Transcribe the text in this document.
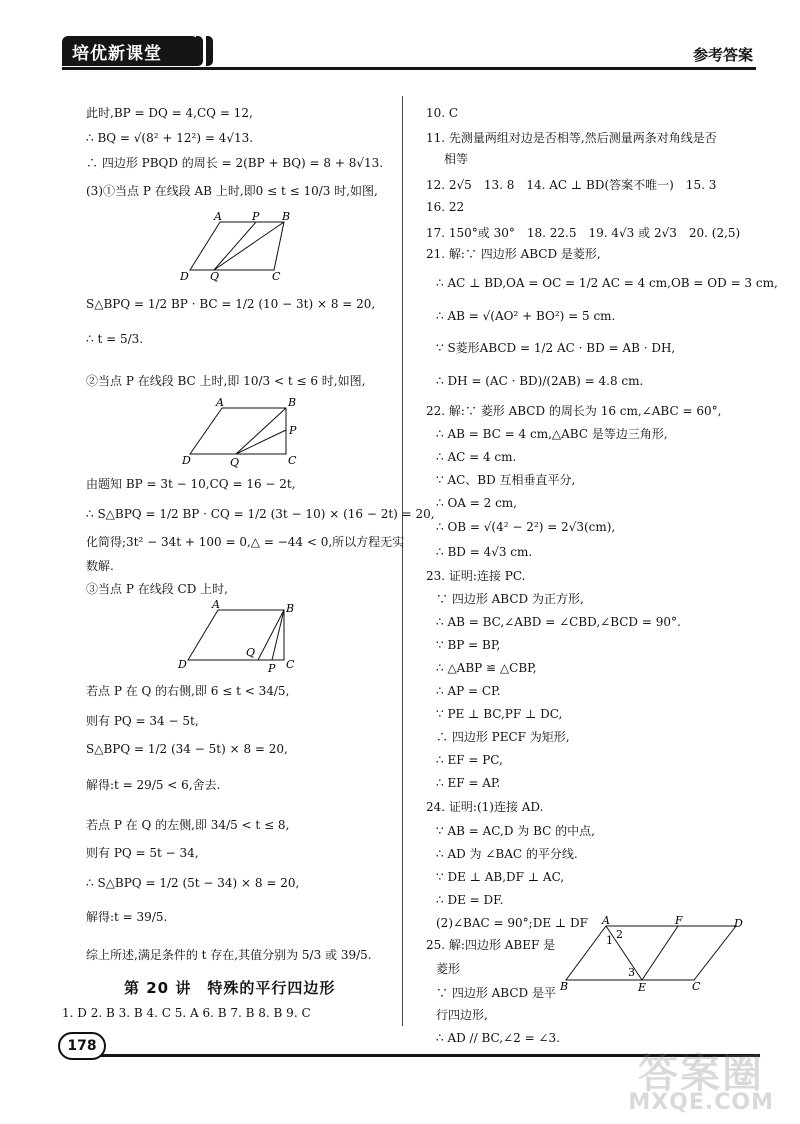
培优新课堂	参考答案
此时,BP = DQ = 4,CQ = 12,
∴ BQ = √(8² + 12²) = 4√13.
∴ 四边形 PBQD 的周长 = 2(BP + BQ) = 8 + 8√13.
(3)①当点 P 在线段 AB 上时,即0 ≤ t ≤ 10/3 时,如图,
A	P B
D Q	C
S△BPQ = 1/2 BP · BC = 1/2 (10 − 3t) × 8 = 20,
∴ t = 5/3.
②当点 P 在线段 BC 上时,即 10/3 < t ≤ 6 时,如图,
A	B
P
D	Q	C
由题知 BP = 3t − 10,CQ = 16 − 2t,
∴ S△BPQ = 1/2 BP · CQ = 1/2 (3t − 10) × (16 − 2t) = 20,
化简得;3t² − 34t + 100 = 0,△ = −44 < 0,所以方程无实
数解.
③当点 P 在线段 CD 上时,
A	B
D
Q
P C
若点 P 在 Q 的右侧,即 6 ≤ t < 34/5,
则有 PQ = 34 − 5t,
S△BPQ = 1/2 (34 − 5t) × 8 = 20,
解得:t = 29/5 < 6,舍去.
若点 P 在 Q 的左侧,即 34/5 < t ≤ 8,
则有 PQ = 5t − 34,
∴ S△BPQ = 1/2 (5t − 34) × 8 = 20,
解得:t = 39/5.
综上所述,满足条件的 t 存在,其值分别为 5/3 或 39/5.
第 20 讲　特殊的平行四边形
1. D 2. B 3. B 4. C 5. A 6. B 7. B 8. B 9. C
10. C
11. 先测量两组对边是否相等,然后测量两条对角线是否
相等
12. 2√5　13. 8　14. AC ⊥ BD(答案不唯一)　15. 3
16. 22
17. 150°或 30°　18. 22.5　19. 4√3 或 2√3　20. (2,5)
21. 解:∵ 四边形 ABCD 是菱形,
∴ AC ⊥ BD,OA = OC = 1/2 AC = 4 cm,OB = OD = 3 cm,
∴ AB = √(AO² + BO²) = 5 cm.
∵ S菱形ABCD = 1/2 AC · BD = AB · DH,
∴ DH = (AC · BD)/(2AB) = 4.8 cm.
22. 解:∵ 菱形 ABCD 的周长为 16 cm,∠ABC = 60°,
∴ AB = BC = 4 cm,△ABC 是等边三角形,
∴ AC = 4 cm.
∵ AC、BD 互相垂直平分,
∴ OA = 2 cm,
∴ OB = √(4² − 2²) = 2√3(cm),
∴ BD = 4√3 cm.
23. 证明:连接 PC.
∵ 四边形 ABCD 为正方形,
∴ AB = BC,∠ABD = ∠CBD,∠BCD = 90°.
∵ BP = BP,
∴ △ABP ≌ △CBP,
∴ AP = CP.
∵ PE ⊥ BC,PF ⊥ DC,
∴ 四边形 PECF 为矩形,
∴ EF = PC,
∴ EF = AP.
24. 证明:(1)连接 AD.
∵ AB = AC,D 为 BC 的中点,
∴ AD 为 ∠BAC 的平分线.
∵ DE ⊥ AB,DF ⊥ AC,
∴ DE = DF.
(2)∠BAC = 90°;DE ⊥ DF
25. 解:四边形 ABEF 是
菱形
∵ 四边形 ABCD 是平
行四边形,
∴ AD // BC,∠2 = ∠3.
A	F	D
1 2
3
B	E	C
178
答案圈
MXQE.COM
